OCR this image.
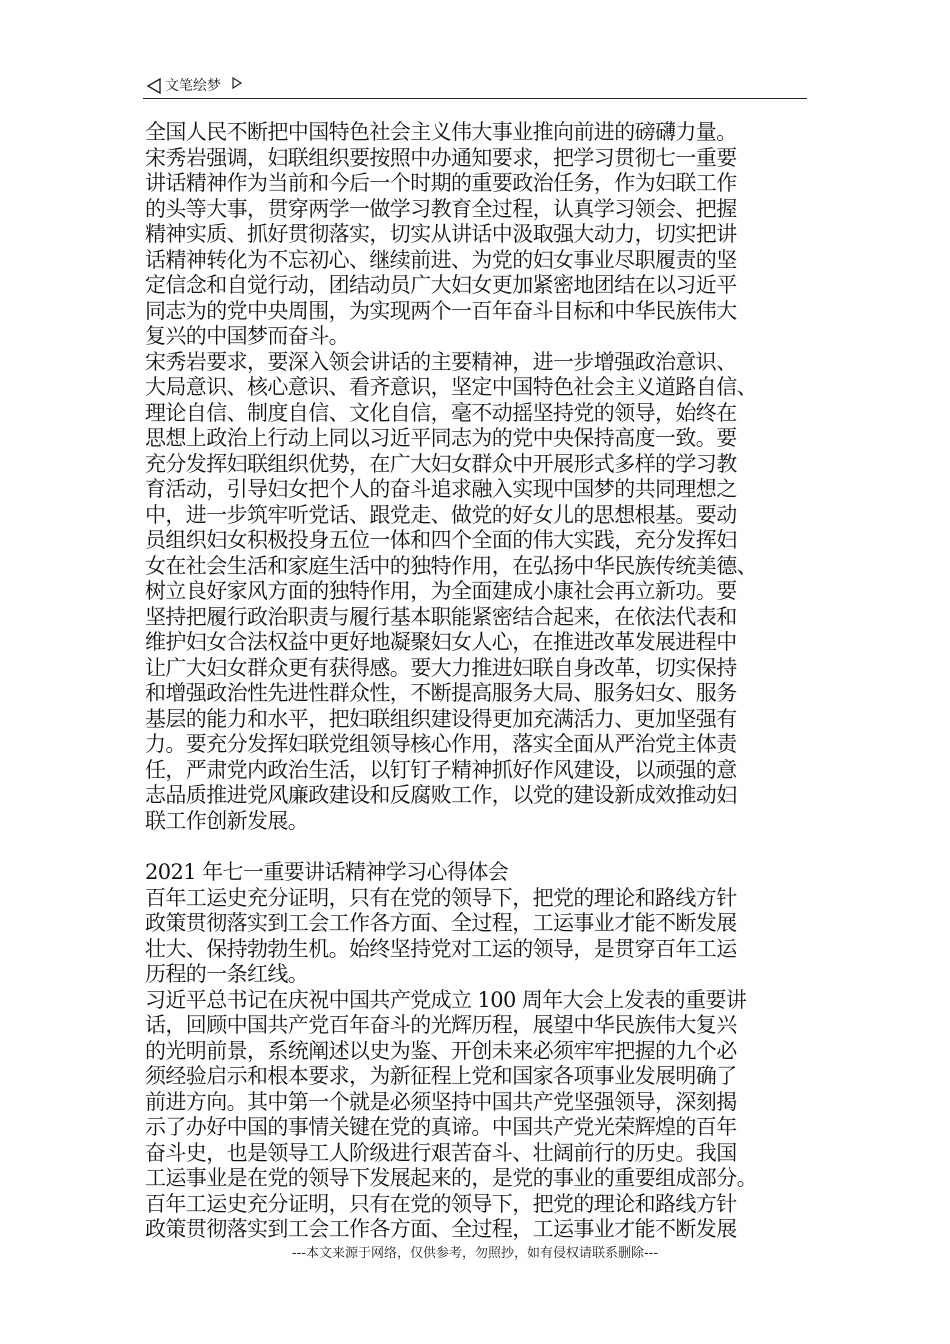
文笔绘梦

全国人民不断把中国特色社会主义伟大事业推向前进的磅礴力量。

宋秀岩强调，妇联组织要按照中办通知要求，把学习贯彻七一重要
讲话精神作为当前和今后一个时期的重要政治任务，作为妇联工作
的头等大事，贯穿两学一做学习教育全过程，认真学习领会、把握
精神实质、抓好贯彻落实，切实从讲话中汲取强大动力，切实把讲
话精神转化为不忘初心、继续前进、为党的妇女事业尽职履责的坚
定信念和自觉行动，团结动员广大妇女更加紧密地团结在以习近平
同志为的党中央周围，为实现两个一百年奋斗目标和中华民族伟大
复兴的中国梦而奋斗。

宋秀岩要求，要深入领会讲话的主要精神，进一步增强政治意识、
大局意识、核心意识、看齐意识，坚定中国特色社会主义道路自信、
理论自信、制度自信、文化自信，毫不动摇坚持党的领导，始终在
思想上政治上行动上同以习近平同志为的党中央保持高度一致。要
充分发挥妇联组织优势，在广大妇女群众中开展形式多样的学习教
育活动，引导妇女把个人的奋斗追求融入实现中国梦的共同理想之
中，进一步筑牢听党话、跟党走、做党的好女儿的思想根基。要动
员组织妇女积极投身五位一体和四个全面的伟大实践，充分发挥妇
女在社会生活和家庭生活中的独特作用，在弘扬中华民族传统美德、
树立良好家风方面的独特作用，为全面建成小康社会再立新功。要
坚持把履行政治职责与履行基本职能紧密结合起来，在依法代表和
维护妇女合法权益中更好地凝聚妇女人心，在推进改革发展进程中
让广大妇女群众更有获得感。要大力推进妇联自身改革，切实保持
和增强政治性先进性群众性，不断提高服务大局、服务妇女、服务
基层的能力和水平，把妇联组织建设得更加充满活力、更加坚强有
力。要充分发挥妇联党组领导核心作用，落实全面从严治党主体责
任，严肃党内政治生活，以钉钉子精神抓好作风建设，以顽强的意
志品质推进党风廉政建设和反腐败工作，以党的建设新成效推动妇
联工作创新发展。

2021 年七一重要讲话精神学习心得体会

百年工运史充分证明，只有在党的领导下，把党的理论和路线方针
政策贯彻落实到工会工作各方面、全过程，工运事业才能不断发展
壮大、保持勃勃生机。始终坚持党对工运的领导，是贯穿百年工运
历程的一条红线。

习近平总书记在庆祝中国共产党成立 100 周年大会上发表的重要讲
话，回顾中国共产党百年奋斗的光辉历程，展望中华民族伟大复兴
的光明前景，系统阐述以史为鉴、开创未来必须牢牢把握的九个必
须经验启示和根本要求，为新征程上党和国家各项事业发展明确了
前进方向。其中第一个就是必须坚持中国共产党坚强领导，深刻揭
示了办好中国的事情关键在党的真谛。中国共产党光荣辉煌的百年
奋斗史，也是领导工人阶级进行艰苦奋斗、壮阔前行的历史。我国
工运事业是在党的领导下发展起来的，是党的事业的重要组成部分。

百年工运史充分证明，只有在党的领导下，把党的理论和路线方针
政策贯彻落实到工会工作各方面、全过程，工运事业才能不断发展

---本文来源于网络，仅供参考，勿照抄，如有侵权请联系删除---
